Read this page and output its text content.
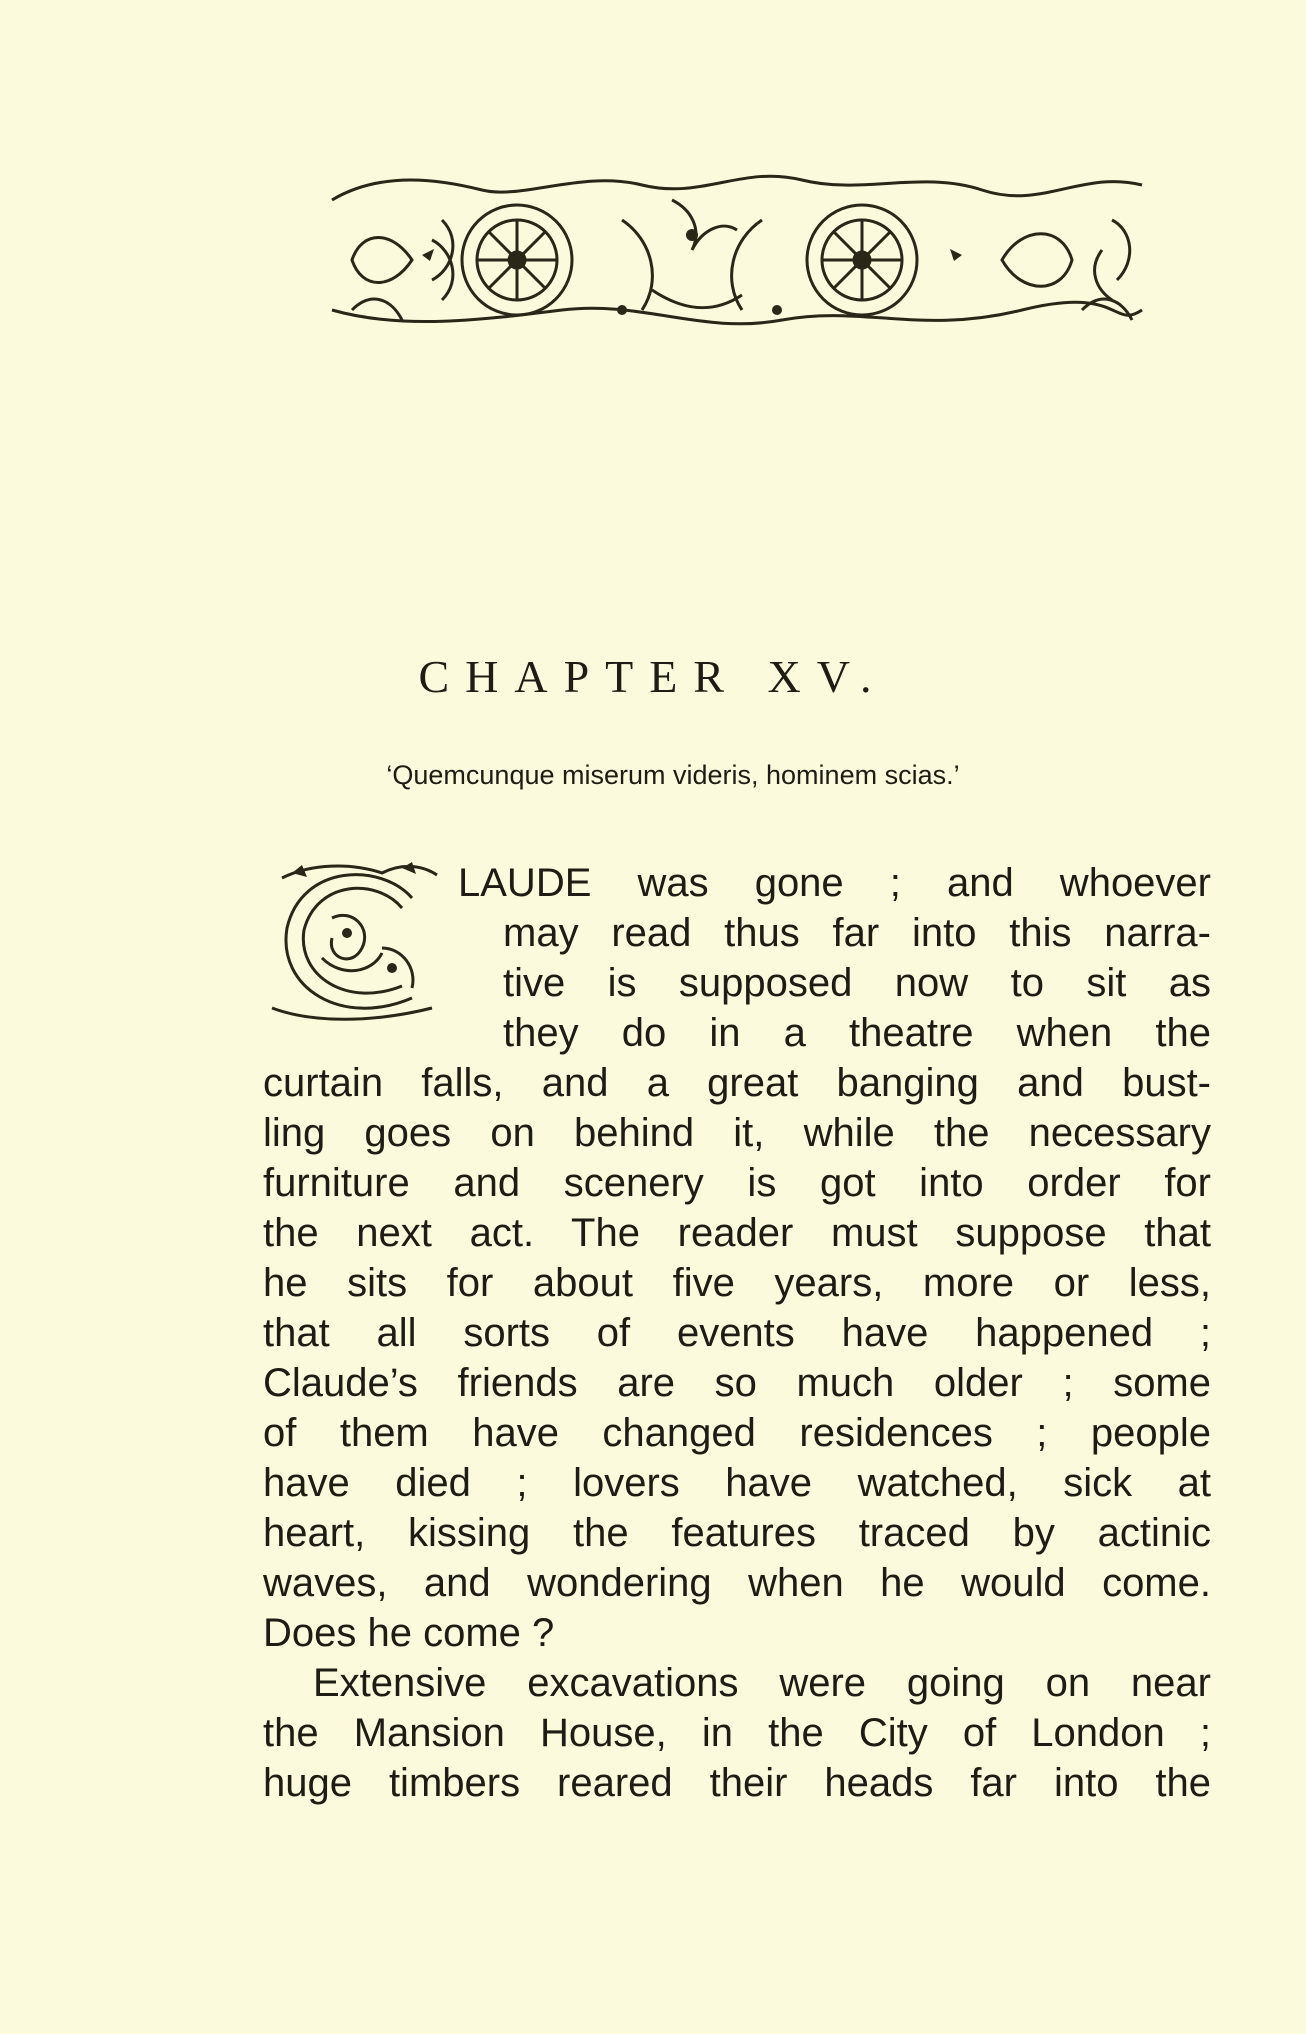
CHAPTER XV.
‘Quemcunque miserum videris, hominem scias.’
LAUDE was gone ; and whoever
may read thus far into this narra-
tive is supposed now to sit as
they do in a theatre when the
curtain falls, and a great banging and bust-
ling goes on behind it, while the necessary
furniture and scenery is got into order for
the next act. The reader must suppose that
he sits for about five years, more or less,
that all sorts of events have happened ;
Claude’s friends are so much older ; some
of them have changed residences ; people
have died ; lovers have watched, sick at
heart, kissing the features traced by actinic
waves, and wondering when he would come.
Does he come ?
Extensive excavations were going on near
the Mansion House, in the City of London ;
huge timbers reared their heads far into the
